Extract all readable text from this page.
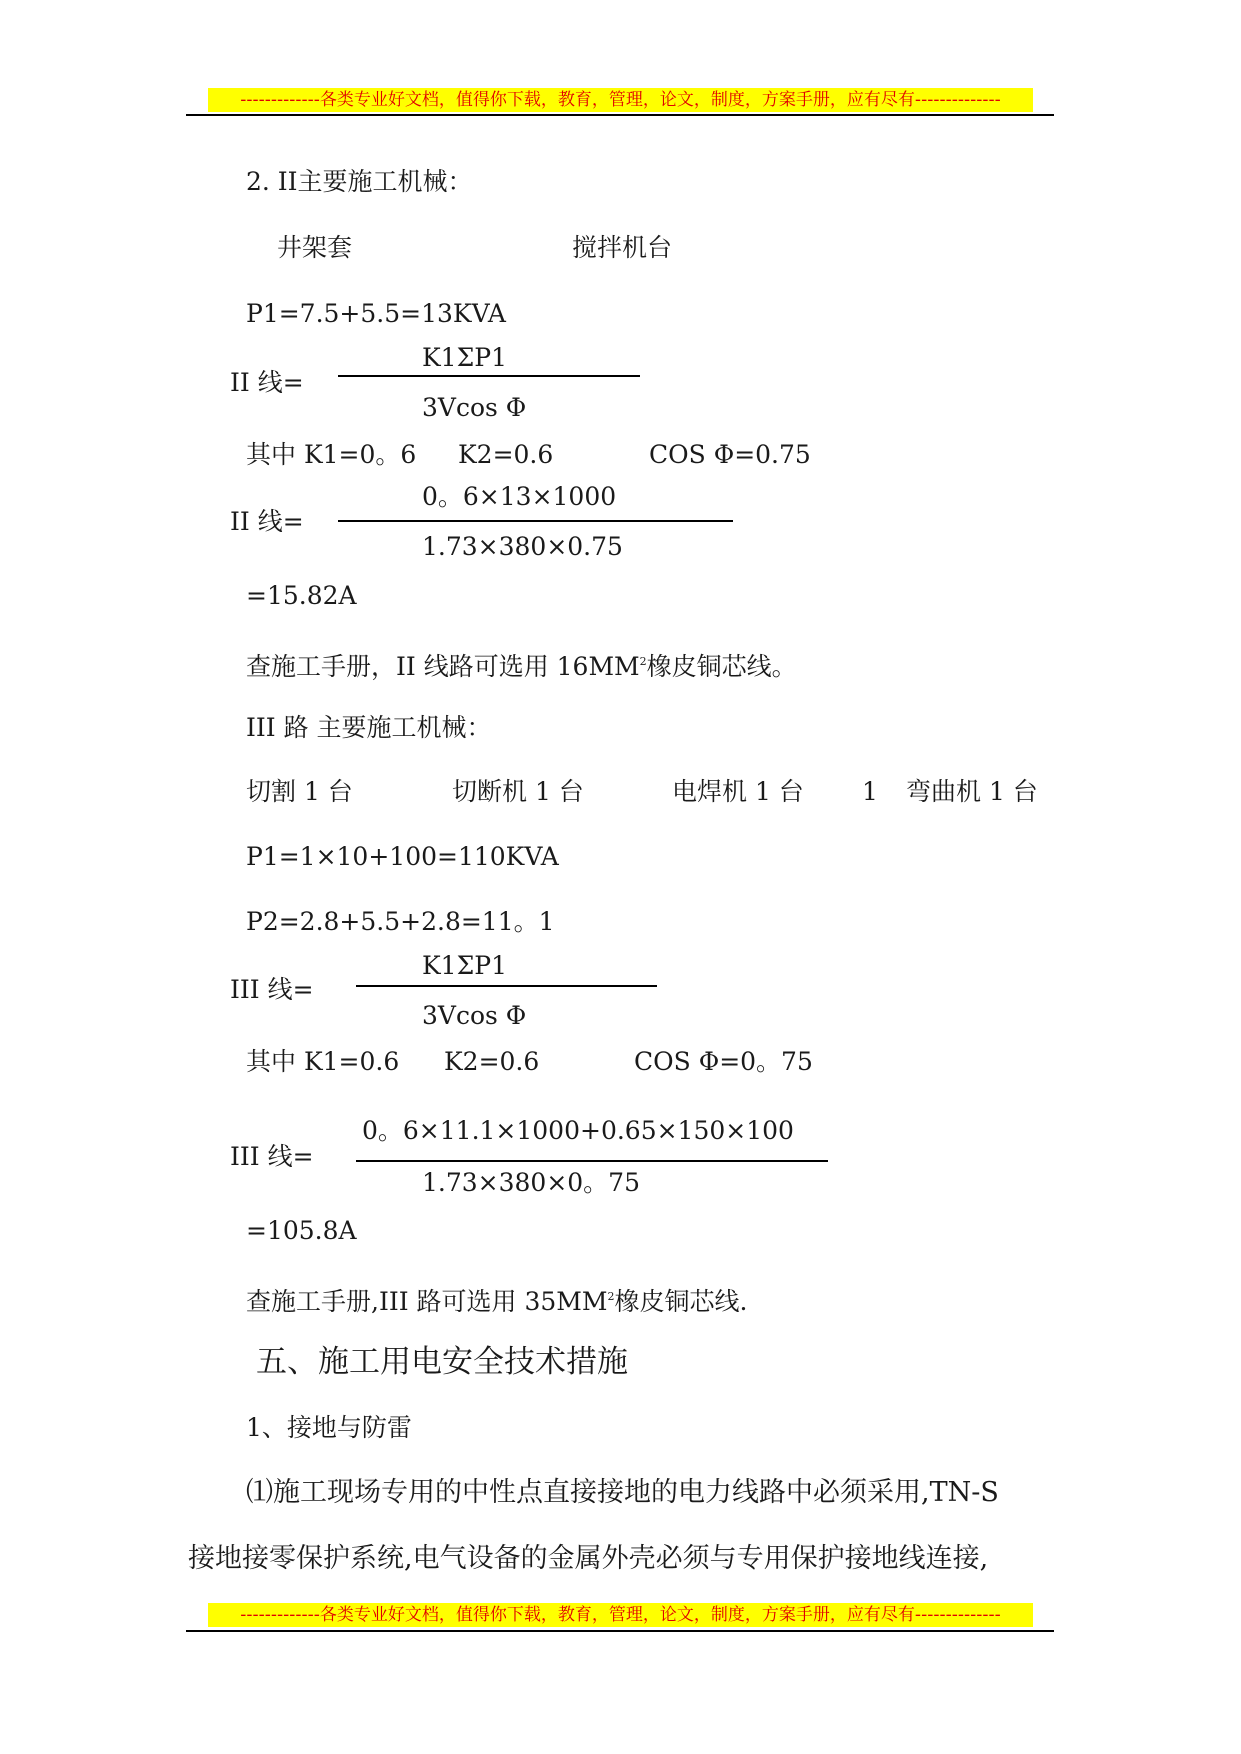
-------------各类专业好文档，值得你下载，教育，管理，论文，制度，方案手册，应有尽有--------------
2. II主要施工机械：
井架套	搅拌机台
P1=7.5+5.5=13KVA
II 线=
K1ΣP1
3Vcos Φ
其中 K1=0。6 K2=0.6	COS Φ=0.75
II 线=
0。6×13×1000
1.73×380×0.75
=15.82A
查施工手册，II 线路可选用 $16MM^2$橡皮铜芯线。
III 路 主要施工机械：
切割 1 台	切断机 1 台	电焊机 1 台 1 弯曲机 1 台
P1=1×10+100=110KVA
P2=2.8+5.5+2.8=11。1
III 线=
K1ΣP1
3Vcos Φ
其中 K1=0.6 K2=0.6	COS Φ=0。75
III 线=
0。6×11.1×1000+0.65×150×100
1.73×380×0。75
=105.8A
查施工手册,III 路可选用 $35MM^2$橡皮铜芯线.
五、施工用电安全技术措施
1、接地与防雷
⑴施工现场专用的中性点直接接地的电力线路中必须采用,TN-S
接地接零保护系统,电气设备的金属外壳必须与专用保护接地线连接,
-------------各类专业好文档，值得你下载，教育，管理，论文，制度，方案手册，应有尽有--------------
